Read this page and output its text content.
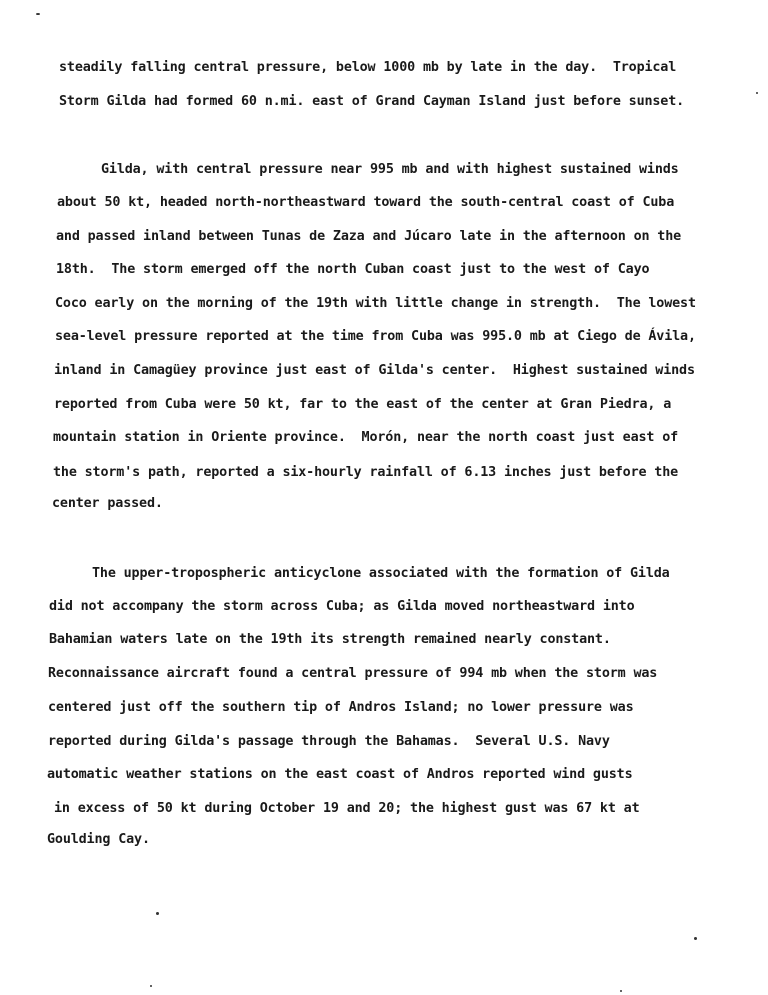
steadily falling central pressure, below 1000 mb by late in the day.  Tropical
Storm Gilda had formed 60 n.mi. east of Grand Cayman Island just before sunset.
Gilda, with central pressure near 995 mb and with highest sustained winds
about 50 kt, headed north-northeastward toward the south-central coast of Cuba
and passed inland between Tunas de Zaza and Júcaro late in the afternoon on the
18th.  The storm emerged off the north Cuban coast just to the west of Cayo
Coco early on the morning of the 19th with little change in strength.  The lowest
sea-level pressure reported at the time from Cuba was 995.0 mb at Ciego de Ávila,
inland in Camagüey province just east of Gilda's center.  Highest sustained winds
reported from Cuba were 50 kt, far to the east of the center at Gran Piedra, a
mountain station in Oriente province.  Morón, near the north coast just east of
the storm's path, reported a six-hourly rainfall of 6.13 inches just before the
center passed.
The upper-tropospheric anticyclone associated with the formation of Gilda
did not accompany the storm across Cuba; as Gilda moved northeastward into
Bahamian waters late on the 19th its strength remained nearly constant.
Reconnaissance aircraft found a central pressure of 994 mb when the storm was
centered just off the southern tip of Andros Island; no lower pressure was
reported during Gilda's passage through the Bahamas.  Several U.S. Navy
automatic weather stations on the east coast of Andros reported wind gusts
in excess of 50 kt during October 19 and 20; the highest gust was 67 kt at
Goulding Cay.
